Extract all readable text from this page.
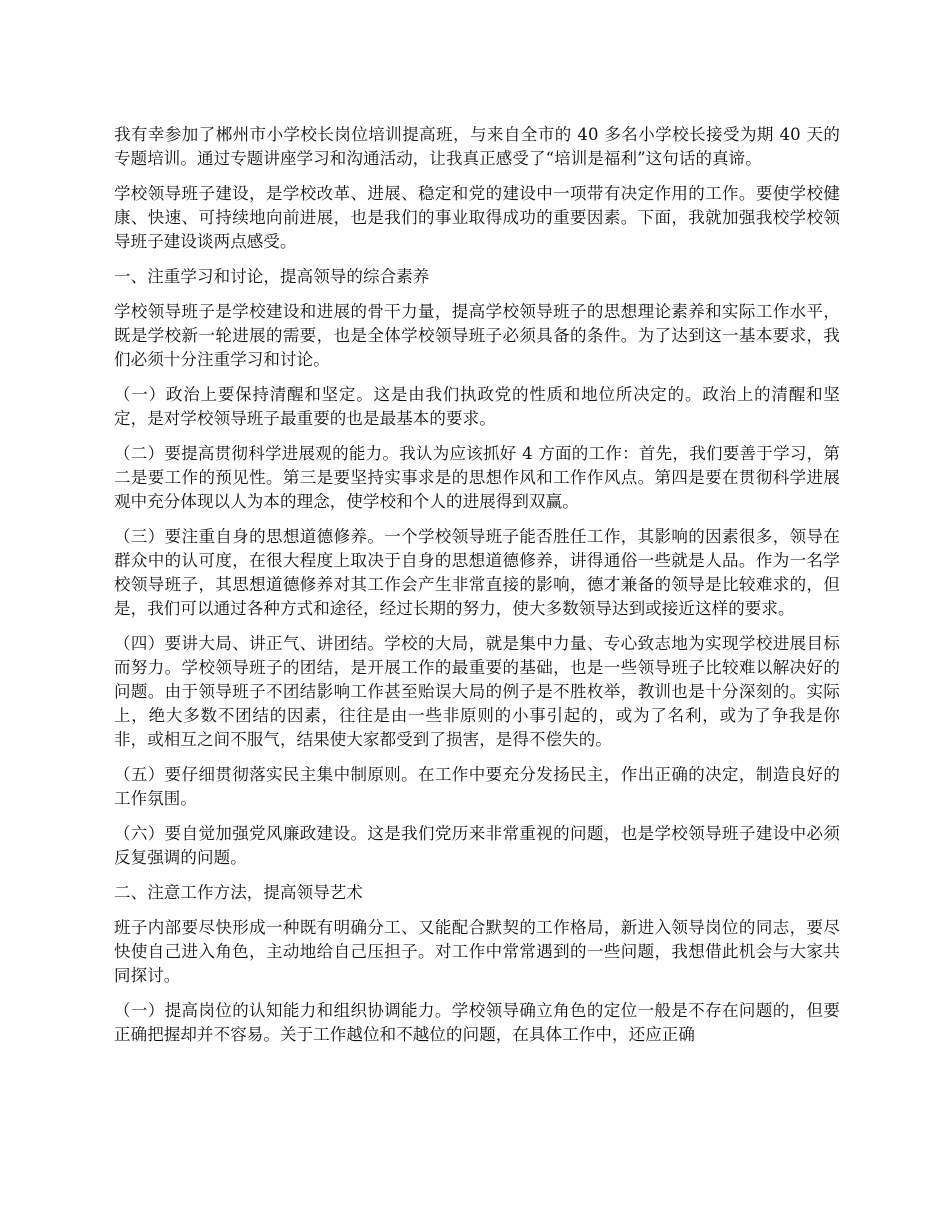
我有幸参加了郴州市小学校长岗位培训提高班，与来自全市的 40 多名小学校长接受为期 40 天的专题培训。通过专题讲座学习和沟通活动，让我真正感受了“培训是福利”这句话的真谛。

学校领导班子建设，是学校改革、进展、稳定和党的建设中一项带有决定作用的工作。要使学校健康、快速、可持续地向前进展，也是我们的事业取得成功的重要因素。下面，我就加强我校学校领导班子建设谈两点感受。

一、注重学习和讨论，提高领导的综合素养

学校领导班子是学校建设和进展的骨干力量，提高学校领导班子的思想理论素养和实际工作水平，既是学校新一轮进展的需要，也是全体学校领导班子必须具备的条件。为了达到这一基本要求，我们必须十分注重学习和讨论。

（一）政治上要保持清醒和坚定。这是由我们执政党的性质和地位所决定的。政治上的清醒和坚定，是对学校领导班子最重要的也是最基本的要求。

（二）要提高贯彻科学进展观的能力。我认为应该抓好 4 方面的工作：首先，我们要善于学习，第二是要工作的预见性。第三是要坚持实事求是的思想作风和工作作风点。第四是要在贯彻科学进展观中充分体现以人为本的理念，使学校和个人的进展得到双赢。

（三）要注重自身的思想道德修养。一个学校领导班子能否胜任工作，其影响的因素很多，领导在群众中的认可度，在很大程度上取决于自身的思想道德修养，讲得通俗一些就是人品。作为一名学校领导班子，其思想道德修养对其工作会产生非常直接的影响，德才兼备的领导是比较难求的，但是，我们可以通过各种方式和途径，经过长期的努力，使大多数领导达到或接近这样的要求。

（四）要讲大局、讲正气、讲团结。学校的大局，就是集中力量、专心致志地为实现学校进展目标而努力。学校领导班子的团结，是开展工作的最重要的基础，也是一些领导班子比较难以解决好的问题。由于领导班子不团结影响工作甚至贻误大局的例子是不胜枚举，教训也是十分深刻的。实际上，绝大多数不团结的因素，往往是由一些非原则的小事引起的，或为了名利，或为了争我是你非，或相互之间不服气，结果使大家都受到了损害，是得不偿失的。

（五）要仔细贯彻落实民主集中制原则。在工作中要充分发扬民主，作出正确的决定，制造良好的工作氛围。

（六）要自觉加强党风廉政建设。这是我们党历来非常重视的问题，也是学校领导班子建设中必须反复强调的问题。

二、注意工作方法，提高领导艺术

班子内部要尽快形成一种既有明确分工、又能配合默契的工作格局，新进入领导岗位的同志，要尽快使自己进入角色，主动地给自己压担子。对工作中常常遇到的一些问题，我想借此机会与大家共同探讨。

（一）提高岗位的认知能力和组织协调能力。学校领导确立角色的定位一般是不存在问题的，但要正确把握却并不容易。关于工作越位和不越位的问题，在具体工作中，还应正确
